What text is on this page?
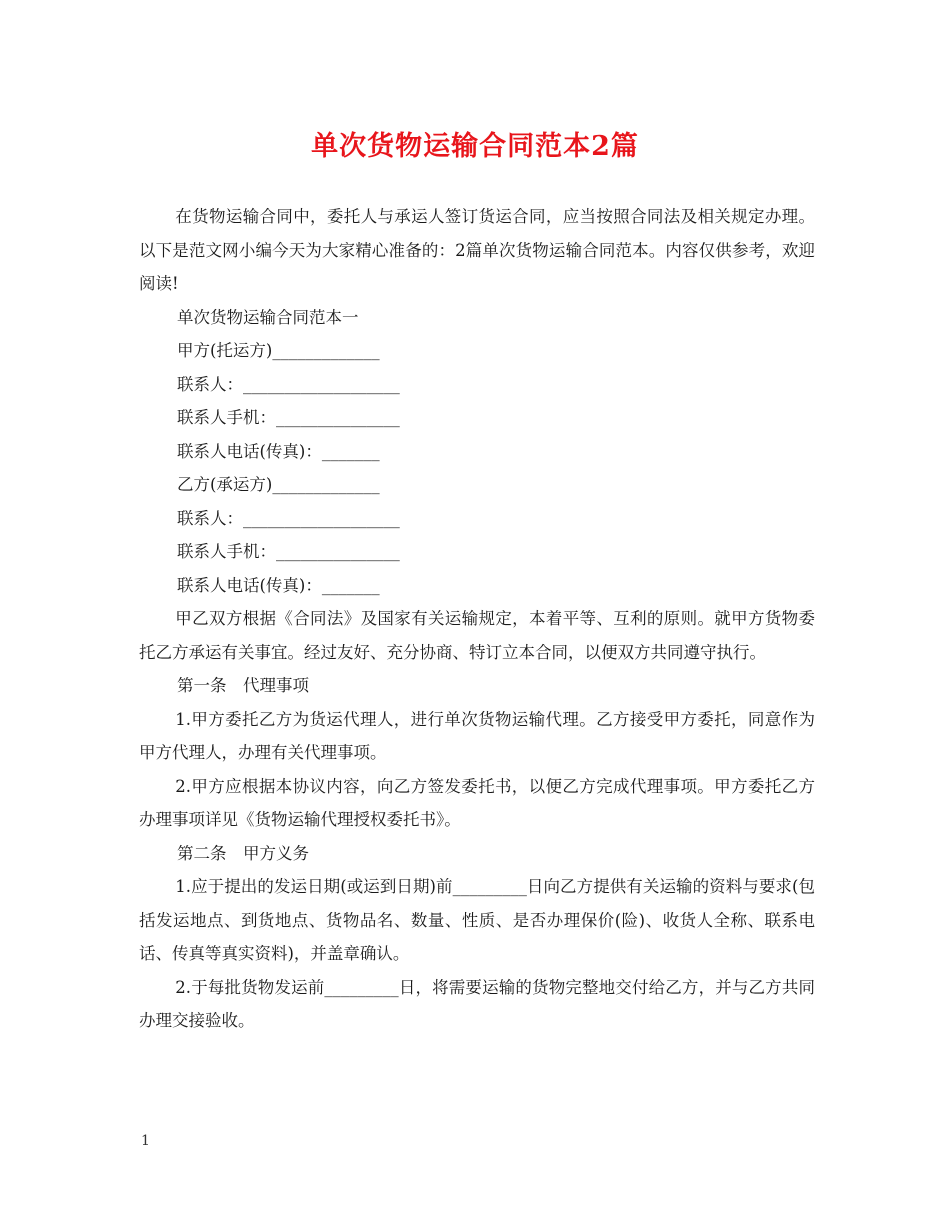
单次货物运输合同范本2篇

在货物运输合同中，委托人与承运人签订货运合同，应当按照合同法及相关规定办理。以下是范文网小编今天为大家精心准备的：2篇单次货物运输合同范本。内容仅供参考，欢迎阅读!

单次货物运输合同范本一

甲方(托运方)_____________

联系人：___________________

联系人手机：_______________

联系人电话(传真)：_______

乙方(承运方)_____________

联系人：___________________

联系人手机：_______________

联系人电话(传真)：_______

甲乙双方根据《合同法》及国家有关运输规定，本着平等、互利的原则。就甲方货物委托乙方承运有关事宜。经过友好、充分协商、特订立本合同，以便双方共同遵守执行。

第一条　代理事项

1.甲方委托乙方为货运代理人，进行单次货物运输代理。乙方接受甲方委托，同意作为甲方代理人，办理有关代理事项。

2.甲方应根据本协议内容，向乙方签发委托书，以便乙方完成代理事项。甲方委托乙方办理事项详见《货物运输代理授权委托书》。

第二条　甲方义务

1.应于提出的发运日期(或运到日期)前_________日向乙方提供有关运输的资料与要求(包括发运地点、到货地点、货物品名、数量、性质、是否办理保价(险)、收货人全称、联系电话、传真等真实资料)，并盖章确认。

2.于每批货物发运前_________日，将需要运输的货物完整地交付给乙方，并与乙方共同办理交接验收。

1
